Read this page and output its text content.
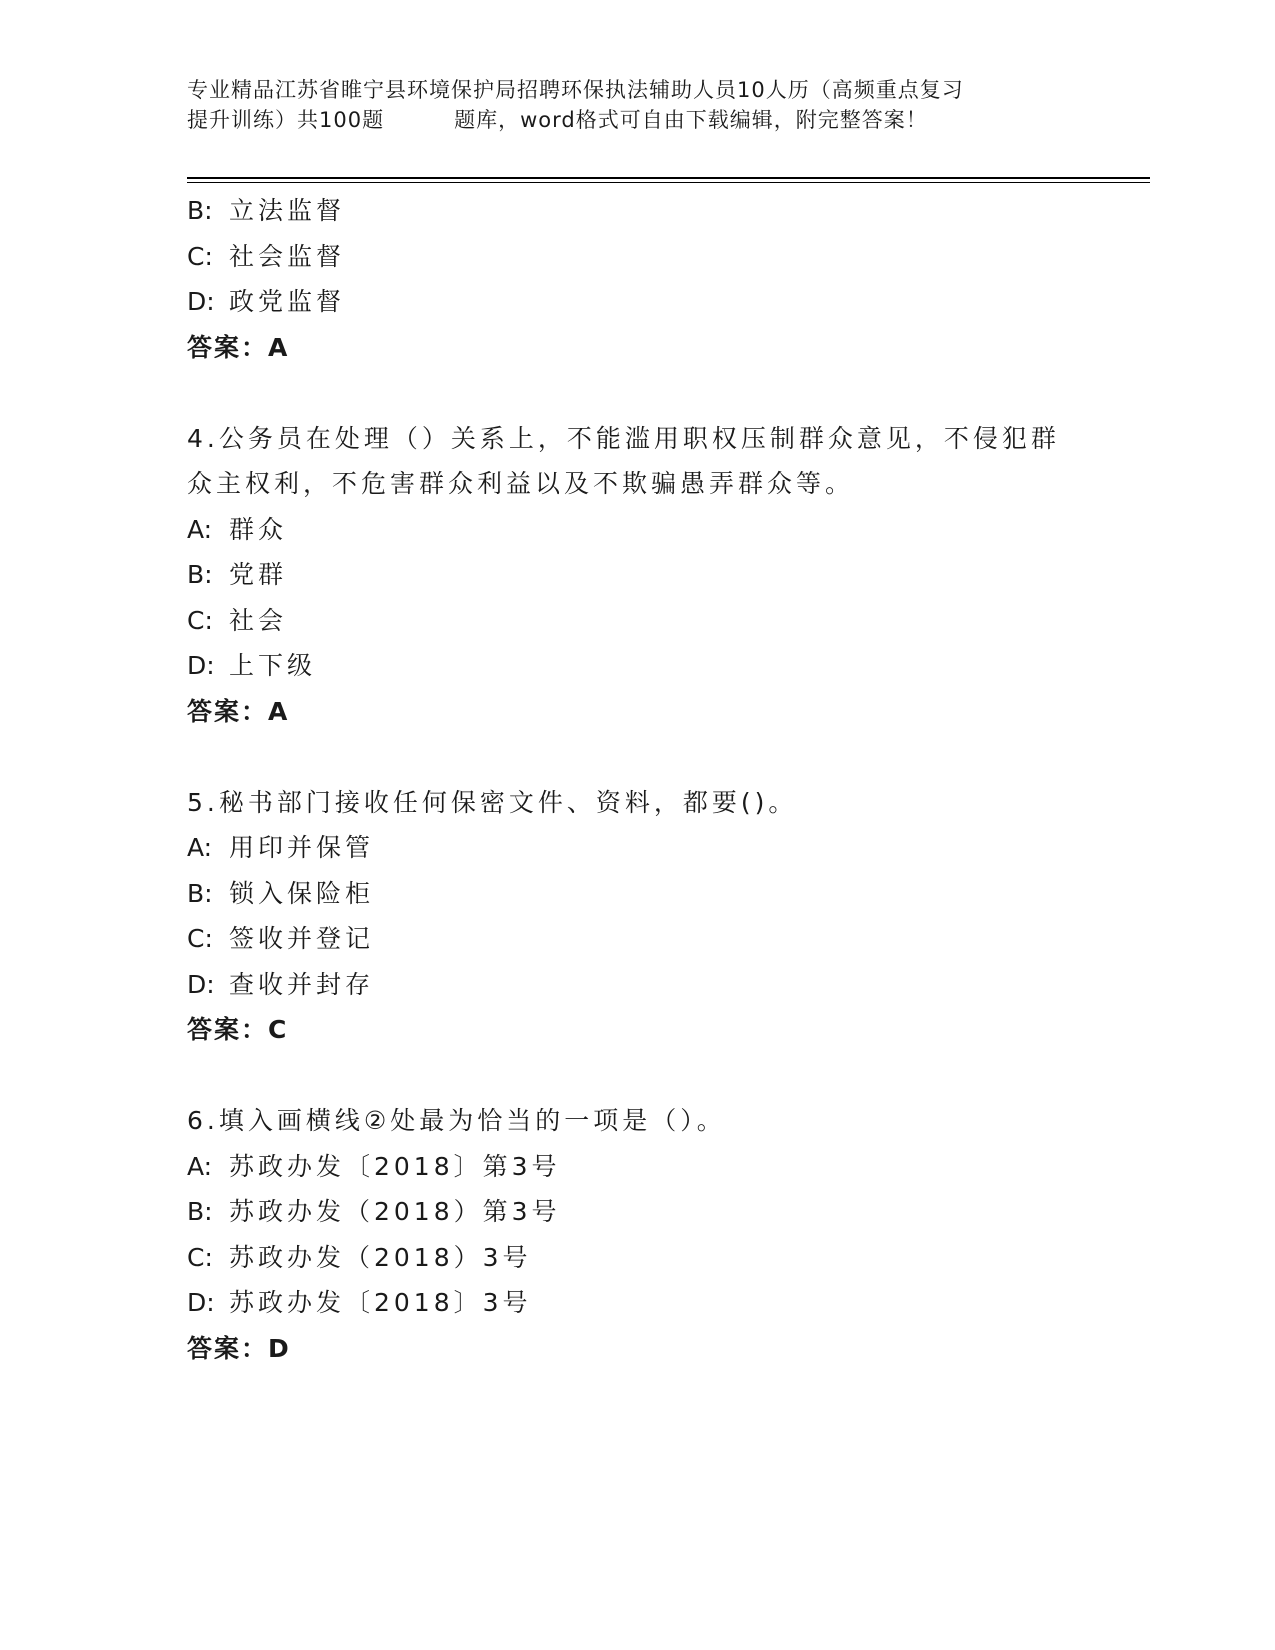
专业精品江苏省睢宁县环境保护局招聘环保执法辅助人员10人历（高频重点复习
提升训练）共100题	题库，word格式可自由下载编辑，附完整答案！
B: 立法监督
C: 社会监督
D: 政党监督
答案：A
4.公务员在处理（）关系上，不能滥用职权压制群众意见，不侵犯群
众主权利，不危害群众利益以及不欺骗愚弄群众等。
A: 群众
B: 党群
C: 社会
D: 上下级
答案：A
5.秘书部门接收任何保密文件、资料，都要()。
A: 用印并保管
B: 锁入保险柜
C: 签收并登记
D: 查收并封存
答案：C
6.填入画横线②处最为恰当的一项是（）。
A: 苏政办发〔2018〕第3号
B: 苏政办发（2018）第3号
C: 苏政办发（2018）3号
D: 苏政办发〔2018〕3号
答案：D
